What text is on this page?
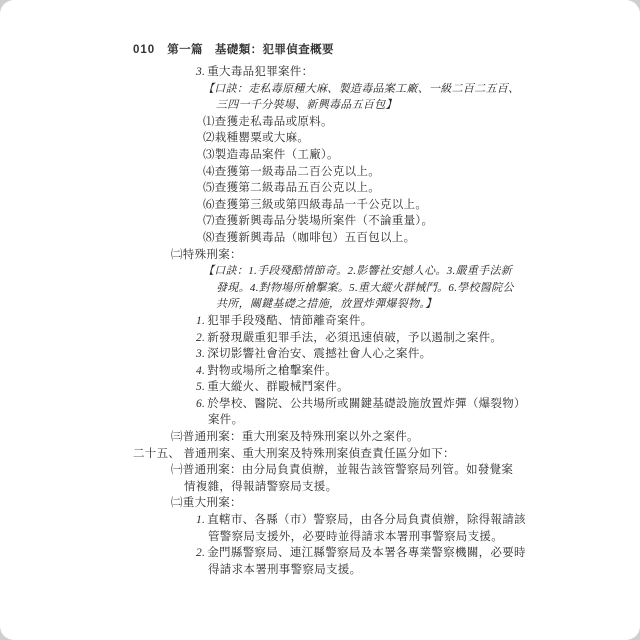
010 第一篇 基礎類：犯罪偵查概要
3. 重大毒品犯罪案件：
【口訣：走私毒原種大麻、製造毒品案工廠、一級二百二五百、
三四一千分裝場、新興毒品五百包】
⑴查獲走私毒品或原料。
⑵栽種罌粟或大麻。
⑶製造毒品案件（工廠）。
⑷查獲第一級毒品二百公克以上。
⑸查獲第二級毒品五百公克以上。
⑹查獲第三級或第四級毒品一千公克以上。
⑺查獲新興毒品分裝場所案件（不論重量）。
⑻查獲新興毒品（咖啡包）五百包以上。
㈡特殊刑案：
【口訣：1.手段殘酷情節奇。2.影響社安撼人心。3.嚴重手法新
發現。4.對物場所槍擊案。5.重大縱火群械鬥。6.學校醫院公
共所，關鍵基礎之措施，放置炸彈爆裂物。】
1. 犯罪手段殘酷、情節離奇案件。
2. 新發現嚴重犯罪手法，必須迅速偵破，予以遏制之案件。
3. 深切影響社會治安、震撼社會人心之案件。
4. 對物或場所之槍擊案件。
5. 重大縱火、群毆械鬥案件。
6. 於學校、醫院、公共場所或關鍵基礎設施放置炸彈（爆裂物）
案件。
㈢普通刑案：重大刑案及特殊刑案以外之案件。
二十五、 普通刑案、重大刑案及特殊刑案偵查責任區分如下：
㈠普通刑案：由分局負責偵辦，並報告該管警察局列管。如發覺案
情複雜，得報請警察局支援。
㈡重大刑案：
1. 直轄市、各縣（市）警察局，由各分局負責偵辦，除得報請該
管警察局支援外，必要時並得請求本署刑事警察局支援。
2. 金門縣警察局、連江縣警察局及本署各專業警察機關，必要時
得請求本署刑事警察局支援。
